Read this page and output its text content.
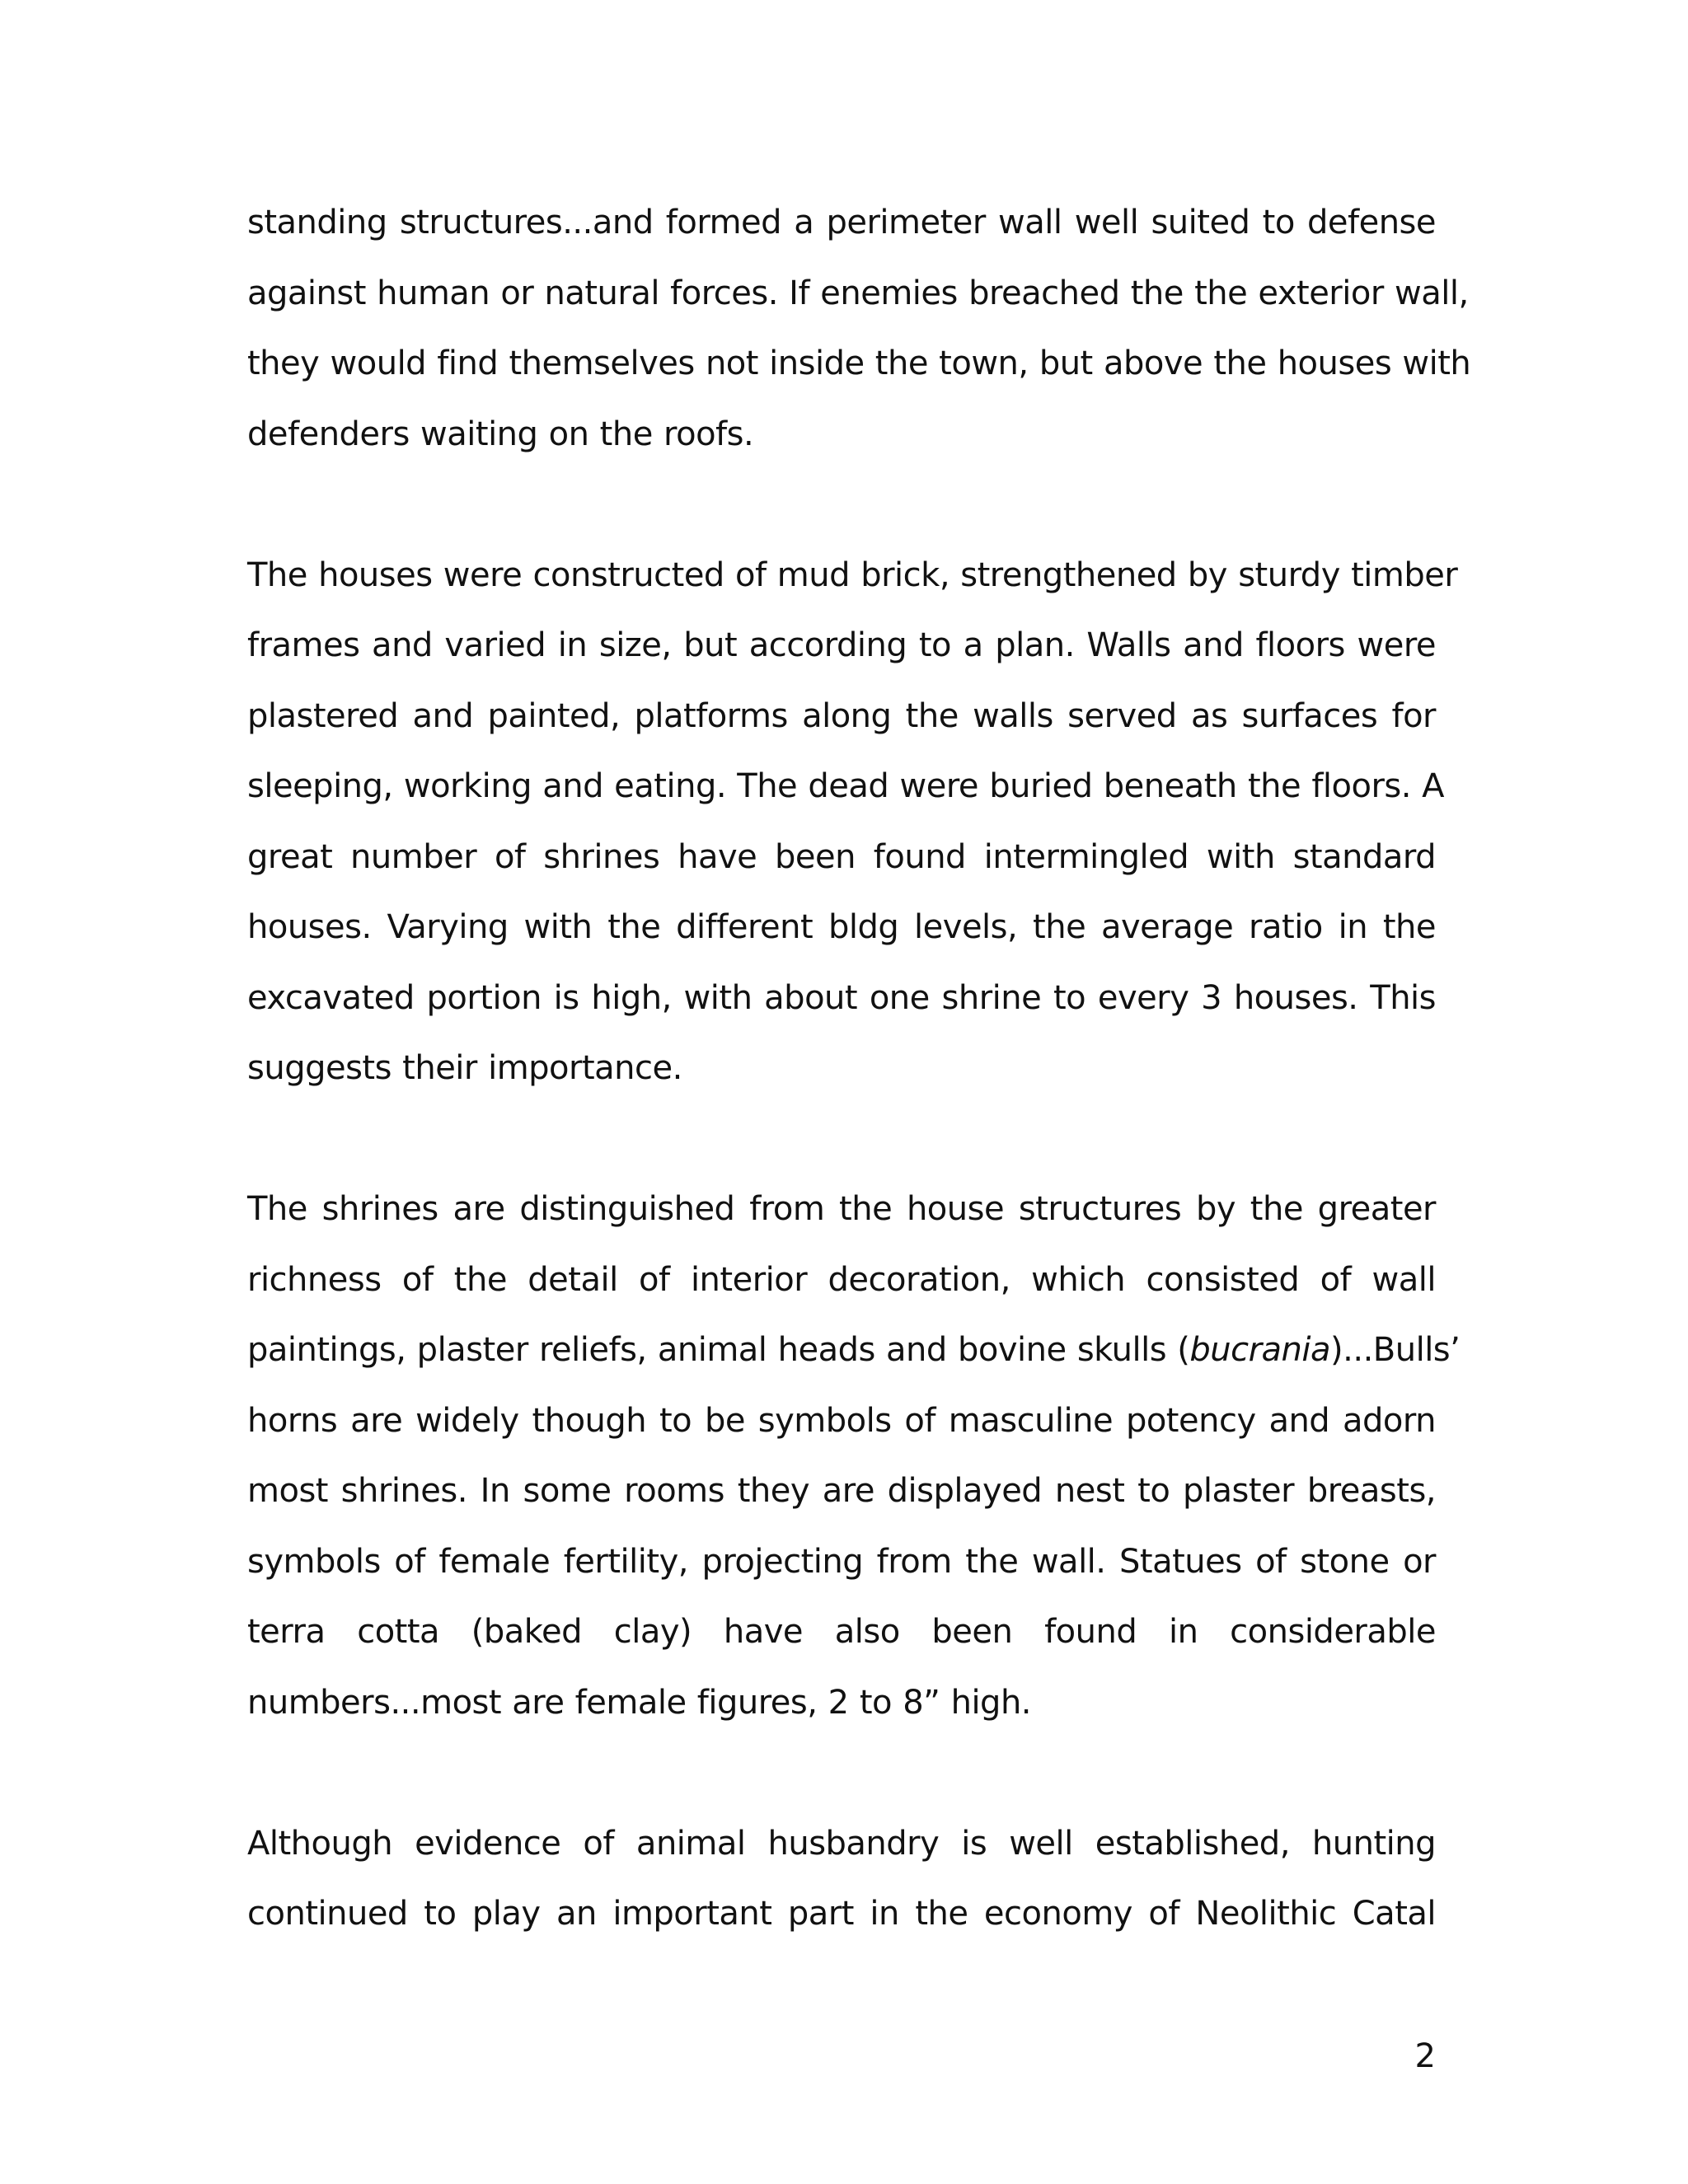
standing structures...and formed a perimeter wall well suited to defense
against human or natural forces. If enemies breached the the exterior wall,
they would find themselves not inside the town, but above the houses with
defenders waiting on the roofs.

The houses were constructed of mud brick, strengthened by sturdy timber
frames and varied in size, but according to a plan. Walls and floors were
plastered and painted, platforms along the walls served as surfaces for
sleeping, working and eating. The dead were buried beneath the floors. A
great number of shrines have been found intermingled with standard
houses. Varying with the different bldg levels, the average ratio in the
excavated portion is high, with about one shrine to every 3 houses. This
suggests their importance.

The shrines are distinguished from the house structures by the greater
richness of the detail of interior decoration, which consisted of wall
paintings, plaster reliefs, animal heads and bovine skulls (bucrania)...Bulls’
horns are widely though to be symbols of masculine potency and adorn
most shrines. In some rooms they are displayed nest to plaster breasts,
symbols of female fertility, projecting from the wall. Statues of stone or
terra cotta (baked clay) have also been found in considerable
numbers...most are female figures, 2 to 8” high.

Although evidence of animal husbandry is well established, hunting
continued to play an important part in the economy of Neolithic Catal

2
